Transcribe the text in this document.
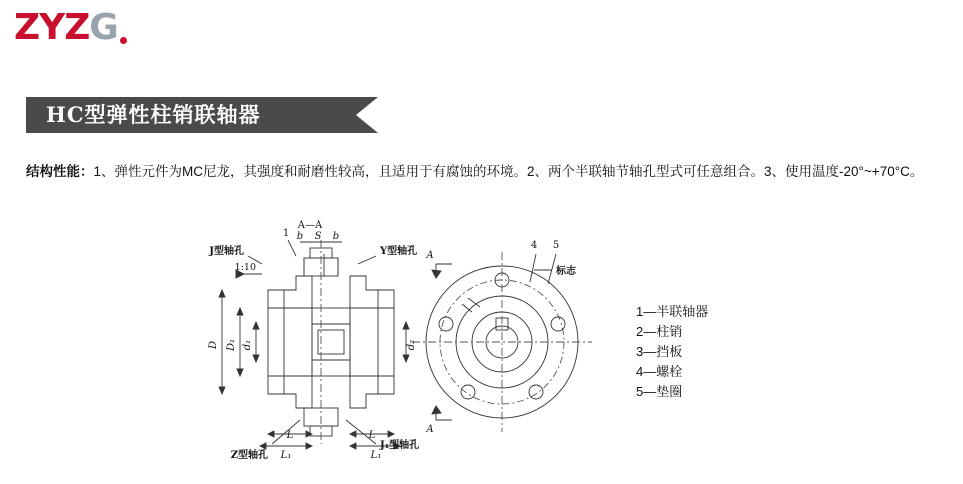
ZYZG
HC型弹性柱销联轴器
结构性能：1、弹性元件为MC尼龙，其强度和耐磨性较高，且适用于有腐蚀的环境。2、两个半联轴节轴孔型式可任意组合。3、使用温度-20°~+70°C。
A—A
1 b S b
1:10
D D₁ d₁	d₂
L	L
L₁	L₁
J型轴孔	Y型轴孔
Z型轴孔
J₁型轴孔
4 5
标志
A
A
1—半联轴器
2—柱销
3—挡板
4—螺栓
5—垫圈
